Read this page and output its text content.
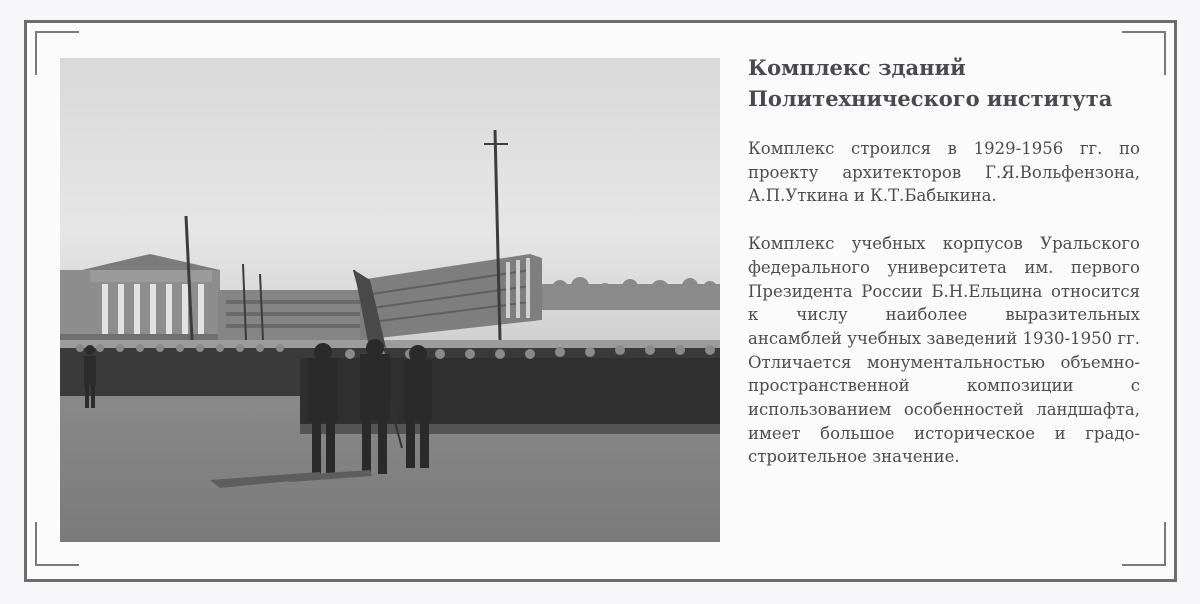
Комплекс зданий
Политехнического института

Комплекс строился в 1929-1956 гг. по проекту архитекторов Г.Я.Вольфензона, А.П.Уткина и К.Т.Бабыкина.

Комплекс учебных корпусов Уральского федерального университета им. первого Президента России Б.Н.Ельцина относится к числу наиболее выразительных ансамблей учебных заведений 1930-1950 гг. Отличается монументальностью объемно-пространственной композиции с использованием особенностей ландшафта, имеет большое историческое и градостроительное значение.
